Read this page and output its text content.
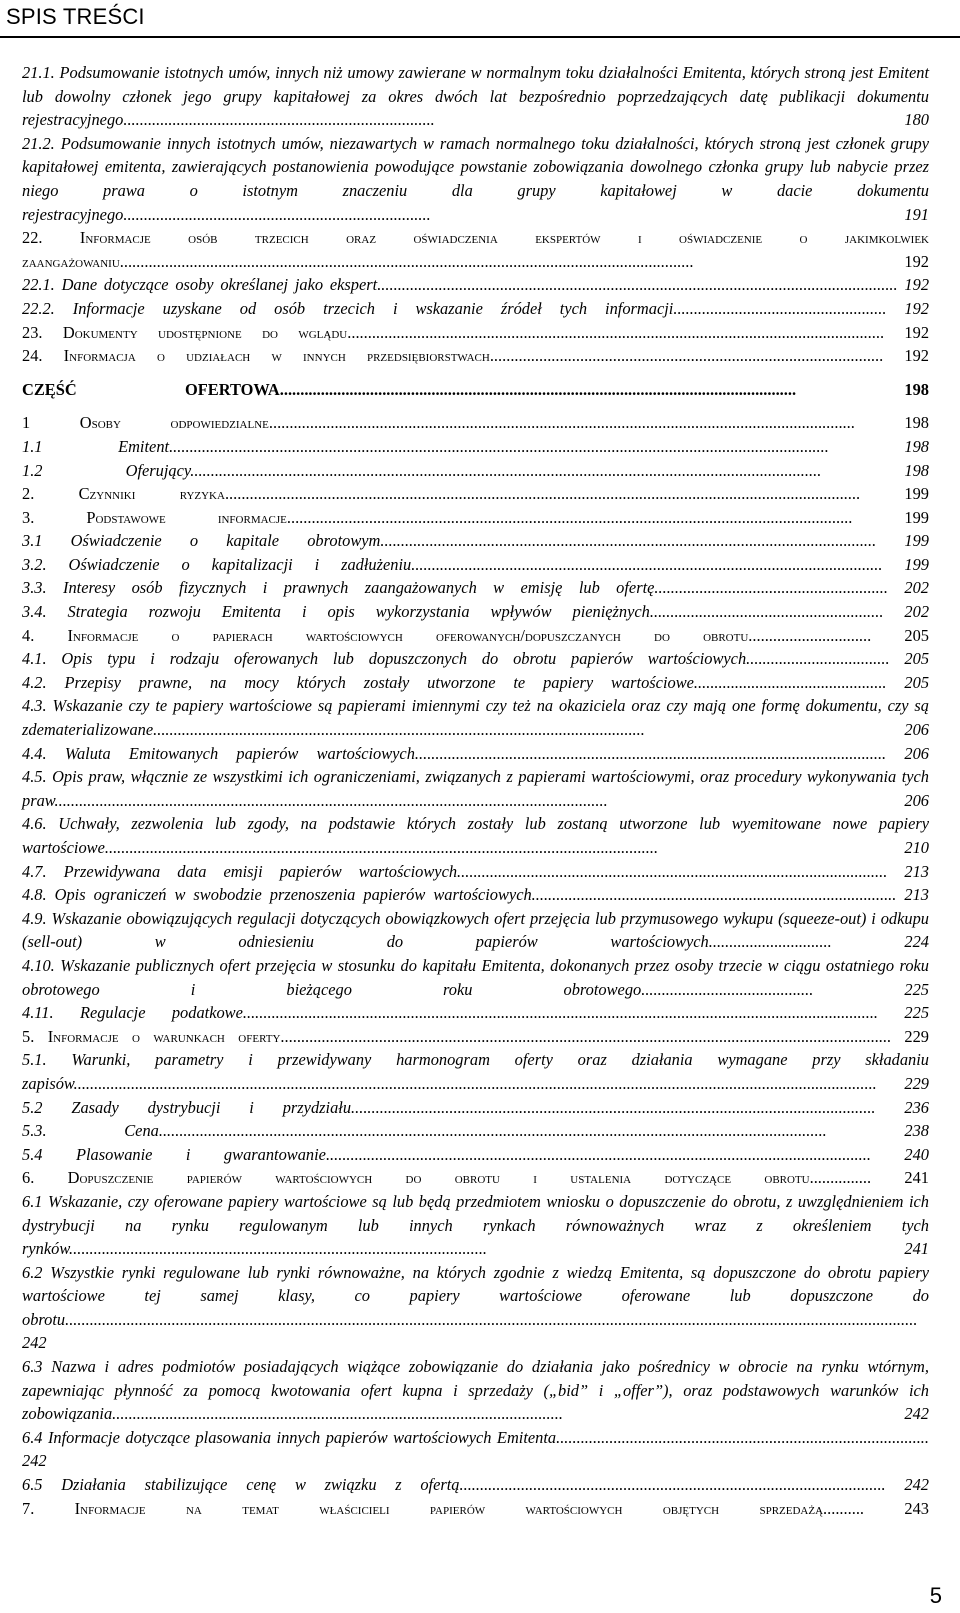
SPIS TREŚCI
21.1. Podsumowanie istotnych umów, innych niż umowy zawierane w normalnym toku działalności Emitenta, których stroną jest Emitent lub dowolny członek jego grupy kapitałowej za okres dwóch lat bezpośrednio poprzedzających datę publikacji dokumentu rejestracyjnego............................................................................ 180
21.2. Podsumowanie innych istotnych umów, niezawartych w ramach normalnego toku działalności, których stroną jest członek grupy kapitałowej emitenta, zawierających postanowienia powodujące powstanie zobowiązania dowolnego członka grupy lub nabycie przez niego prawa o istotnym znaczeniu dla grupy kapitałowej w dacie dokumentu rejestracyjnego........................................................................... 191
22. Informacje osób trzecich oraz oświadczenia ekspertów i oświadczenie o jakimkolwiek zaangażowaniu............................................................................................................................................ 192
22.1. Dane dotyczące osoby określanej jako ekspert............................................................................................................................... 192
22.2. Informacje uzyskane od osób trzecich i wskazanie źródeł tych informacji.................................................... 192
23. Dokumenty udostępnione do wglądu................................................................................................................................... 192
24. Informacja o udziałach w innych przedsiębiorstwach................................................................................................ 192
CZĘŚĆ OFERTOWA.............................................................................................................................. 198
1 Osoby odpowiedzialne............................................................................................................................................... 198
1.1 Emitent................................................................................................................................................................. 198
1.2 Oferujący.......................................................................................................................................................... 198
2. Czynniki ryzyka........................................................................................................................................................... 199
3. Podstawowe informacje.......................................................................................................................................... 199
3.1 Oświadczenie o kapitale obrotowym......................................................................................................................... 199
3.2. Oświadczenie o kapitalizacji i zadłużeniu................................................................................................................... 199
3.3. Interesy osób fizycznych i prawnych zaangażowanych w emisję lub ofertę......................................................... 202
3.4. Strategia rozwoju Emitenta i opis wykorzystania wpływów pieniężnych......................................................... 202
4. Informacje o papierach wartościowych oferowanych/dopuszczanych do obrotu.............................. 205
4.1. Opis typu i rodzaju oferowanych lub dopuszczonych do obrotu papierów wartościowych................................... 205
4.2. Przepisy prawne, na mocy których zostały utworzone te papiery wartościowe............................................... 205
4.3. Wskazanie czy te papiery wartościowe są papierami imiennymi czy też na okaziciela oraz czy mają one formę dokumentu, czy są zdematerializowane........................................................................................................................ 206
4.4. Waluta Emitowanych papierów wartościowych................................................................................................................... 206
4.5. Opis praw, włącznie ze wszystkimi ich ograniczeniami, związanych z papierami wartościowymi, oraz procedury wykonywania tych praw....................................................................................................................................... 206
4.6. Uchwały, zezwolenia lub zgody, na podstawie których zostały lub zostaną utworzone lub wyemitowane nowe papiery wartościowe....................................................................................................................................... 210
4.7. Przewidywana data emisji papierów wartościowych......................................................................................................... 213
4.8. Opis ograniczeń w swobodzie przenoszenia papierów wartościowych......................................................................................... 213
4.9. Wskazanie obowiązujących regulacji dotyczących obowiązkowych ofert przejęcia lub przymusowego wykupu (squeeze-out) i odkupu (sell-out) w odniesieniu do papierów wartościowych.............................. 224
4.10. Wskazanie publicznych ofert przejęcia w stosunku do kapitału Emitenta, dokonanych przez osoby trzecie w ciągu ostatniego roku obrotowego i bieżącego roku obrotowego.......................................... 225
4.11. Regulacje podatkowe........................................................................................................................................................... 225
5. Informacje o warunkach oferty..................................................................................................................................................... 229
5.1. Warunki, parametry i przewidywany harmonogram oferty oraz działania wymagane przy składaniu zapisów.................................................................................................................................................................................................... 229
5.2 Zasady dystrybucji i przydziału................................................................................................................................ 236
5.3. Cena................................................................................................................................................................... 238
5.4 Plasowanie i gwarantowanie..................................................................................................................................... 240
6. Dopuszczenie papierów wartościowych do obrotu i ustalenia dotyczące obrotu............... 241
6.1 Wskazanie, czy oferowane papiery wartościowe są lub będą przedmiotem wniosku o dopuszczenie do obrotu, z uwzględnieniem ich dystrybucji na rynku regulowanym lub innych rynkach równoważnych wraz z określeniem tych rynków...................................................................................................... 241
6.2 Wszystkie rynki regulowane lub rynki równoważne, na których zgodnie z wiedzą Emitenta, są dopuszczone do obrotu papiery wartościowe tej samej klasy, co papiery wartościowe oferowane lub dopuszczone do obrotu................................................................................................................................................................................................................ 242
6.3 Nazwa i adres podmiotów posiadających wiążące zobowiązanie do działania jako pośrednicy w obrocie na rynku wtórnym, zapewniając płynność za pomocą kwotowania ofert kupna i sprzedaży („bid” i „offer”), oraz podstawowych warunków ich zobowiązania.............................................................................................................. 242
6.4 Informacje dotyczące plasowania innych papierów wartościowych Emitenta........................................................................................... 242
6.5 Działania stabilizujące cenę w związku z ofertą........................................................................................................ 242
7. Informacje na temat właścicieli papierów wartościowych objętych sprzedażą.......... 243
5
